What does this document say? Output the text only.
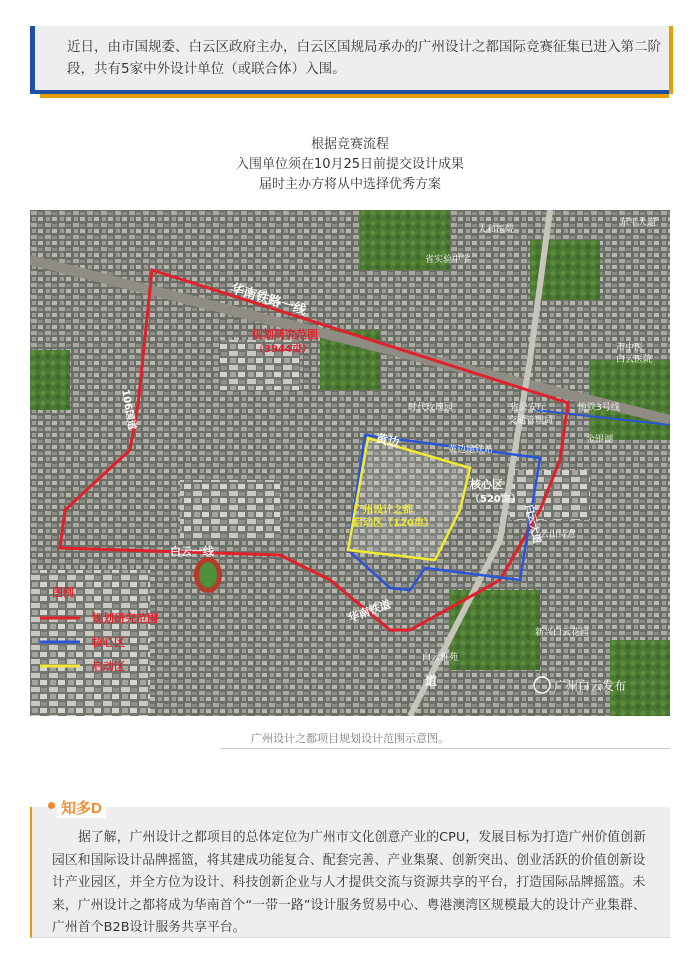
近日，由市国规委、白云区政府主办，白云区国规局承办的广州设计之都国际竞赛征集已进入第二阶段，共有5家中外设计单位（或联合体）入围。
根据竞赛流程
入围单位须在10月25日前提交设计成果
届时主办方将从中选择优秀方案
华南铁路一线
规划研究范围
（3944亩）
核心区
（520亩）
广州设计之都
启动区（120亩）
白云一线
106国道
黄边
华南铁道
白云大道
地铁3号线
黄边地铁站
人和医院
省实验中学
时代玫瑰园	省公安厅
交通管理局
金银湖
云山诗意
新兴白云花园
市中医
白云医院
白云雅苑
东平大道
道
图例
规划研究范围
核心区
启动区
广州白云发布
广州设计之都项目规划设计范围示意图。
据了解，广州设计之都项目的总体定位为广州市文化创意产业的CPU，发展目标为打造广州价值创新园区和国际设计品牌摇篮，将其建成功能复合、配套完善、产业集聚、创新突出、创业活跃的价值创新设计产业园区，并全方位为设计、科技创新企业与人才提供交流与资源共享的平台，打造国际品牌摇篮。未来，广州设计之都将成为华南首个“一带一路”设计服务贸易中心、粤港澳湾区规模最大的设计产业集群、广州首个B2B设计服务共享平台。
知多D
